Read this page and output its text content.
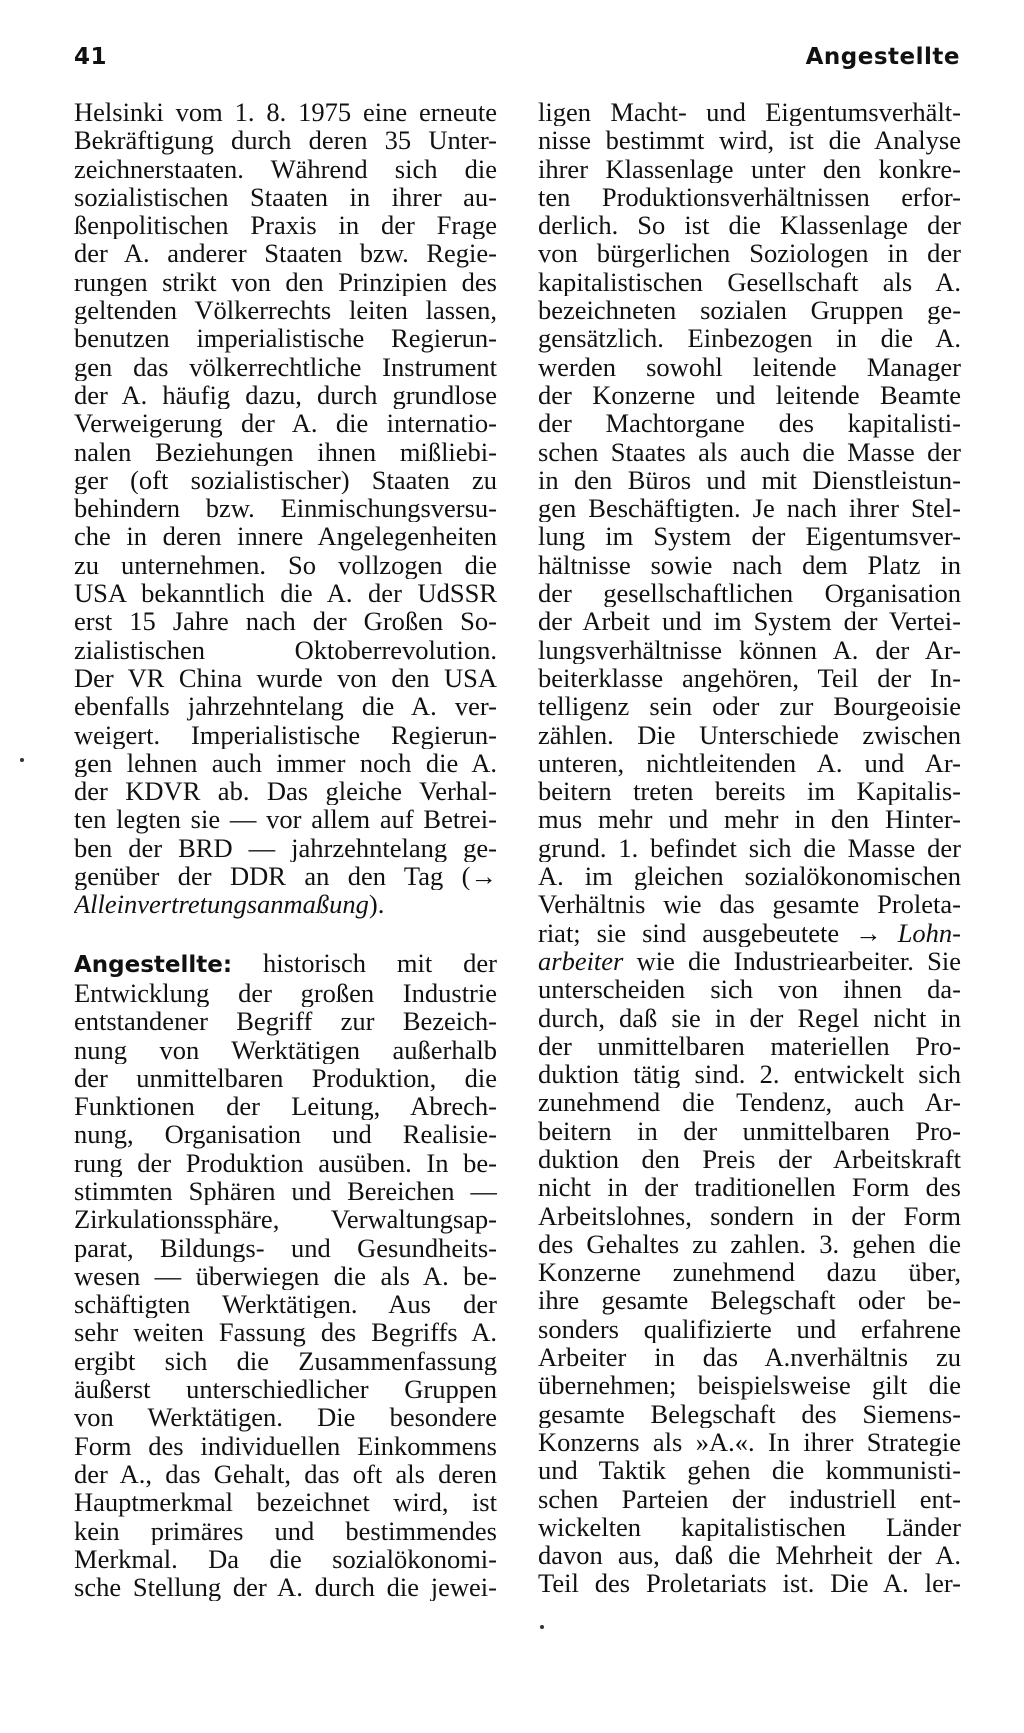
41	Angestellte
Helsinki vom 1. 8. 1975 eine erneute
Bekräftigung durch deren 35 Unter-
zeichnerstaaten. Während sich die
sozialistischen Staaten in ihrer au-
ßenpolitischen Praxis in der Frage
der A. anderer Staaten bzw. Regie-
rungen strikt von den Prinzipien des
geltenden Völkerrechts leiten lassen,
benutzen imperialistische Regierun-
gen das völkerrechtliche Instrument
der A. häufig dazu, durch grundlose
Verweigerung der A. die internatio-
nalen Beziehungen ihnen mißliebi-
ger (oft sozialistischer) Staaten zu
behindern bzw. Einmischungsversu-
che in deren innere Angelegenheiten
zu unternehmen. So vollzogen die
USA bekanntlich die A. der UdSSR
erst 15 Jahre nach der Großen So-
zialistischen Oktoberrevolution.
Der VR China wurde von den USA
ebenfalls jahrzehntelang die A. ver-
weigert. Imperialistische Regierun-
gen lehnen auch immer noch die A.
der KDVR ab. Das gleiche Verhal-
ten legten sie — vor allem auf Betrei-
ben der BRD — jahrzehntelang ge-
genüber der DDR an den Tag (→
Alleinvertretungsanmaßung).
Angestellte: historisch mit der
Entwicklung der großen Industrie
entstandener Begriff zur Bezeich-
nung von Werktätigen außerhalb
der unmittelbaren Produktion, die
Funktionen der Leitung, Abrech-
nung, Organisation und Realisie-
rung der Produktion ausüben. In be-
stimmten Sphären und Bereichen —
Zirkulationssphäre, Verwaltungsap-
parat, Bildungs- und Gesundheits-
wesen — überwiegen die als A. be-
schäftigten Werktätigen. Aus der
sehr weiten Fassung des Begriffs A.
ergibt sich die Zusammenfassung
äußerst unterschiedlicher Gruppen
von Werktätigen. Die besondere
Form des individuellen Einkommens
der A., das Gehalt, das oft als deren
Hauptmerkmal bezeichnet wird, ist
kein primäres und bestimmendes
Merkmal. Da die sozialökonomi-
sche Stellung der A. durch die jewei-
ligen Macht- und Eigentumsverhält-
nisse bestimmt wird, ist die Analyse
ihrer Klassenlage unter den konkre-
ten Produktionsverhältnissen erfor-
derlich. So ist die Klassenlage der
von bürgerlichen Soziologen in der
kapitalistischen Gesellschaft als A.
bezeichneten sozialen Gruppen ge-
gensätzlich. Einbezogen in die A.
werden sowohl leitende Manager
der Konzerne und leitende Beamte
der Machtorgane des kapitalisti-
schen Staates als auch die Masse der
in den Büros und mit Dienstleistun-
gen Beschäftigten. Je nach ihrer Stel-
lung im System der Eigentumsver-
hältnisse sowie nach dem Platz in
der gesellschaftlichen Organisation
der Arbeit und im System der Vertei-
lungsverhältnisse können A. der Ar-
beiterklasse angehören, Teil der In-
telligenz sein oder zur Bourgeoisie
zählen. Die Unterschiede zwischen
unteren, nichtleitenden A. und Ar-
beitern treten bereits im Kapitalis-
mus mehr und mehr in den Hinter-
grund. 1. befindet sich die Masse der
A. im gleichen sozialökonomischen
Verhältnis wie das gesamte Proleta-
riat; sie sind ausgebeutete → Lohn-
arbeiter wie die Industriearbeiter. Sie
unterscheiden sich von ihnen da-
durch, daß sie in der Regel nicht in
der unmittelbaren materiellen Pro-
duktion tätig sind. 2. entwickelt sich
zunehmend die Tendenz, auch Ar-
beitern in der unmittelbaren Pro-
duktion den Preis der Arbeitskraft
nicht in der traditionellen Form des
Arbeitslohnes, sondern in der Form
des Gehaltes zu zahlen. 3. gehen die
Konzerne zunehmend dazu über,
ihre gesamte Belegschaft oder be-
sonders qualifizierte und erfahrene
Arbeiter in das A.nverhältnis zu
übernehmen; beispielsweise gilt die
gesamte Belegschaft des Siemens-
Konzerns als »A.«. In ihrer Strategie
und Taktik gehen die kommunisti-
schen Parteien der industriell ent-
wickelten kapitalistischen Länder
davon aus, daß die Mehrheit der A.
Teil des Proletariats ist. Die A. ler-
